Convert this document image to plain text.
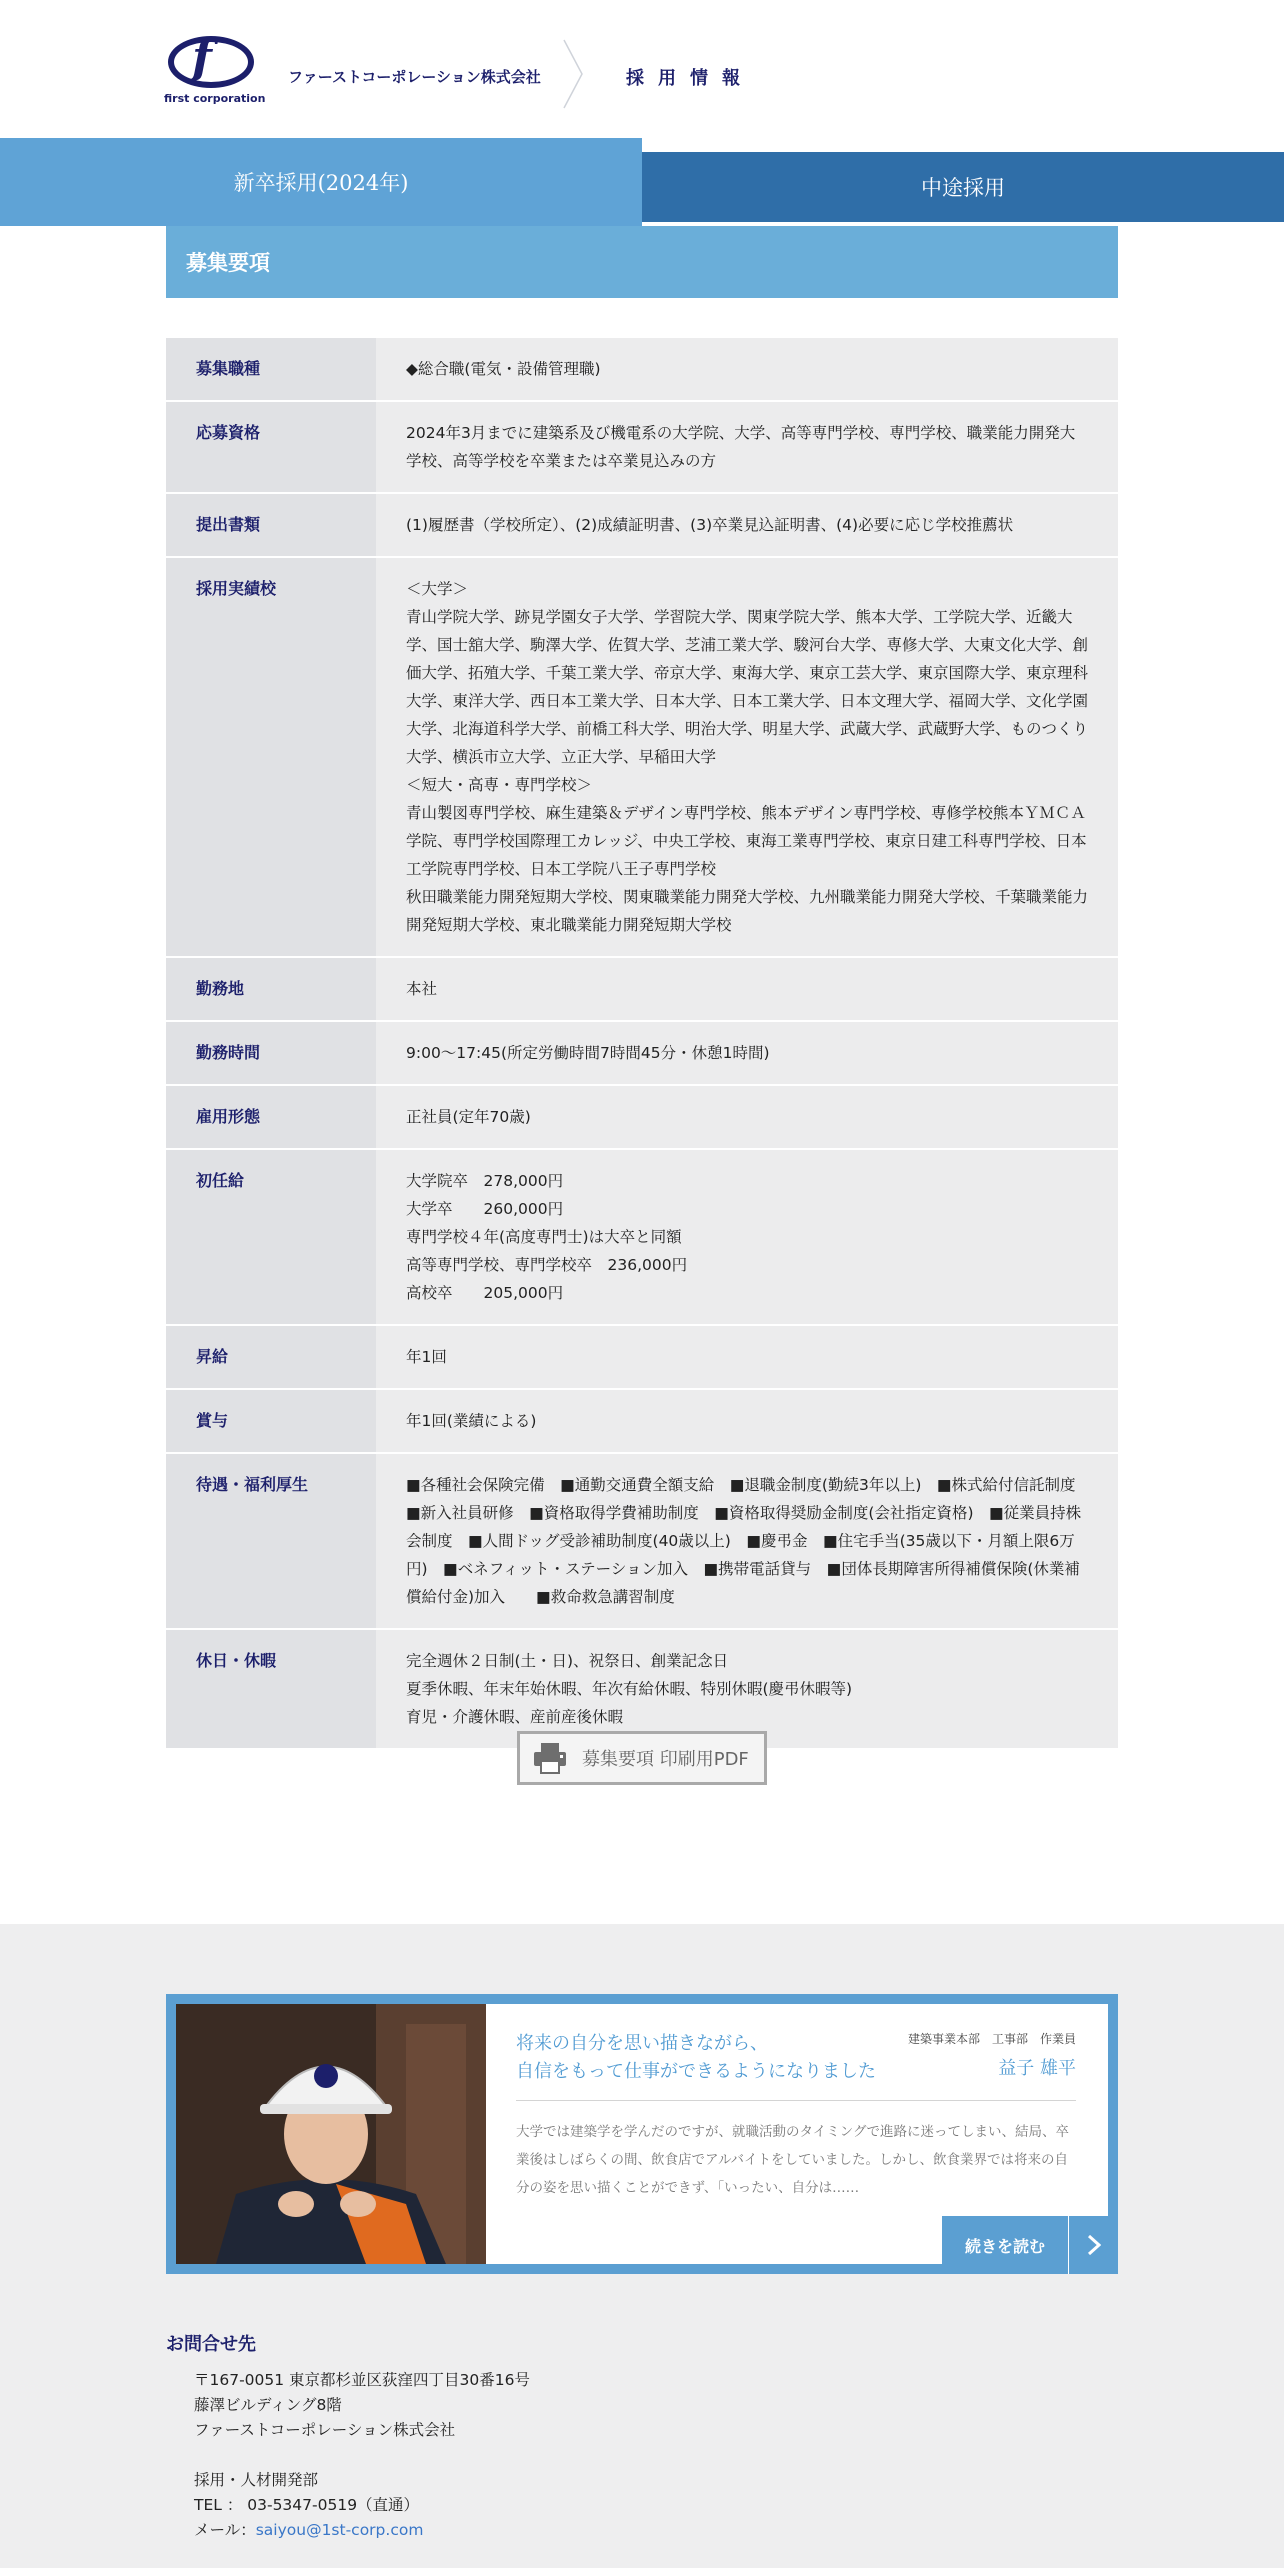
f
first corporation
ファーストコーポレーション株式会社	採用情報
新卒採用(2024年)	中途採用
募集要項
募集職種	◆総合職(電気・設備管理職)
応募資格	2024年3月までに建築系及び機電系の大学院、大学、高等専門学校、専門学校、職業能力開発大学校、高等学校を卒業または卒業見込みの方
提出書類	(1)履歴書（学校所定）、(2)成績証明書、(3)卒業見込証明書、(4)必要に応じ学校推薦状
採用実績校	＜大学＞
青山学院大学、跡見学園女子大学、学習院大学、関東学院大学、熊本大学、工学院大学、近畿大学、国士舘大学、駒澤大学、佐賀大学、芝浦工業大学、駿河台大学、専修大学、大東文化大学、創価大学、拓殖大学、千葉工業大学、帝京大学、東海大学、東京工芸大学、東京国際大学、東京理科大学、東洋大学、西日本工業大学、日本大学、日本工業大学、日本文理大学、福岡大学、文化学園大学、北海道科学大学、前橋工科大学、明治大学、明星大学、武蔵大学、武蔵野大学、ものつくり大学、横浜市立大学、立正大学、早稲田大学
＜短大・高専・専門学校＞
青山製図専門学校、麻生建築＆デザイン専門学校、熊本デザイン専門学校、専修学校熊本ＹＭＣＡ学院、専門学校国際理工カレッジ、中央工学校、東海工業専門学校、東京日建工科専門学校、日本工学院専門学校、日本工学院八王子専門学校
秋田職業能力開発短期大学校、関東職業能力開発大学校、九州職業能力開発大学校、千葉職業能力開発短期大学校、東北職業能力開発短期大学校
勤務地	本社
勤務時間	9:00～17:45(所定労働時間7時間45分・休憩1時間)
雇用形態	正社員(定年70歳)
初任給	大学院卒　278,000円
大学卒　　260,000円
専門学校４年(高度専門士)は大卒と同額
高等専門学校、専門学校卒　236,000円
高校卒　　205,000円
昇給	年1回
賞与	年1回(業績による)
待遇・福利厚生	■各種社会保険完備　■通勤交通費全額支給　■退職金制度(勤続3年以上)　■株式給付信託制度　■新入社員研修　■資格取得学費補助制度　■資格取得奨励金制度(会社指定資格)　■従業員持株会制度　■人間ドッグ受診補助制度(40歳以上)　■慶弔金　■住宅手当(35歳以下・月額上限6万円)　■ベネフィット・ステーション加入　■携帯電話貸与　■団体長期障害所得補償保険(休業補償給付金)加入　　■救命救急講習制度
休日・休暇	完全週休２日制(土・日)、祝祭日、創業記念日
夏季休暇、年末年始休暇、年次有給休暇、特別休暇(慶弔休暇等)
育児・介護休暇、産前産後休暇
募集要項 印刷用PDF
将来の自分を思い描きながら、
自信をもって仕事ができるようになりました
建築事業本部　工事部　作業員
益子 雄平
大学では建築学を学んだのですが、就職活動のタイミングで進路に迷ってしまい、結局、卒業後はしばらくの間、飲食店でアルバイトをしていました。しかし、飲食業界では将来の自分の姿を思い描くことができず、「いったい、自分は……
続きを読む
お問合せ先
〒167-0051 東京都杉並区荻窪四丁目30番16号
藤澤ビルディング8階
ファーストコーポレーション株式会社
採用・人材開発部
TEL ： 03-5347-0519（直通）
メール：saiyou@1st-corp.com
